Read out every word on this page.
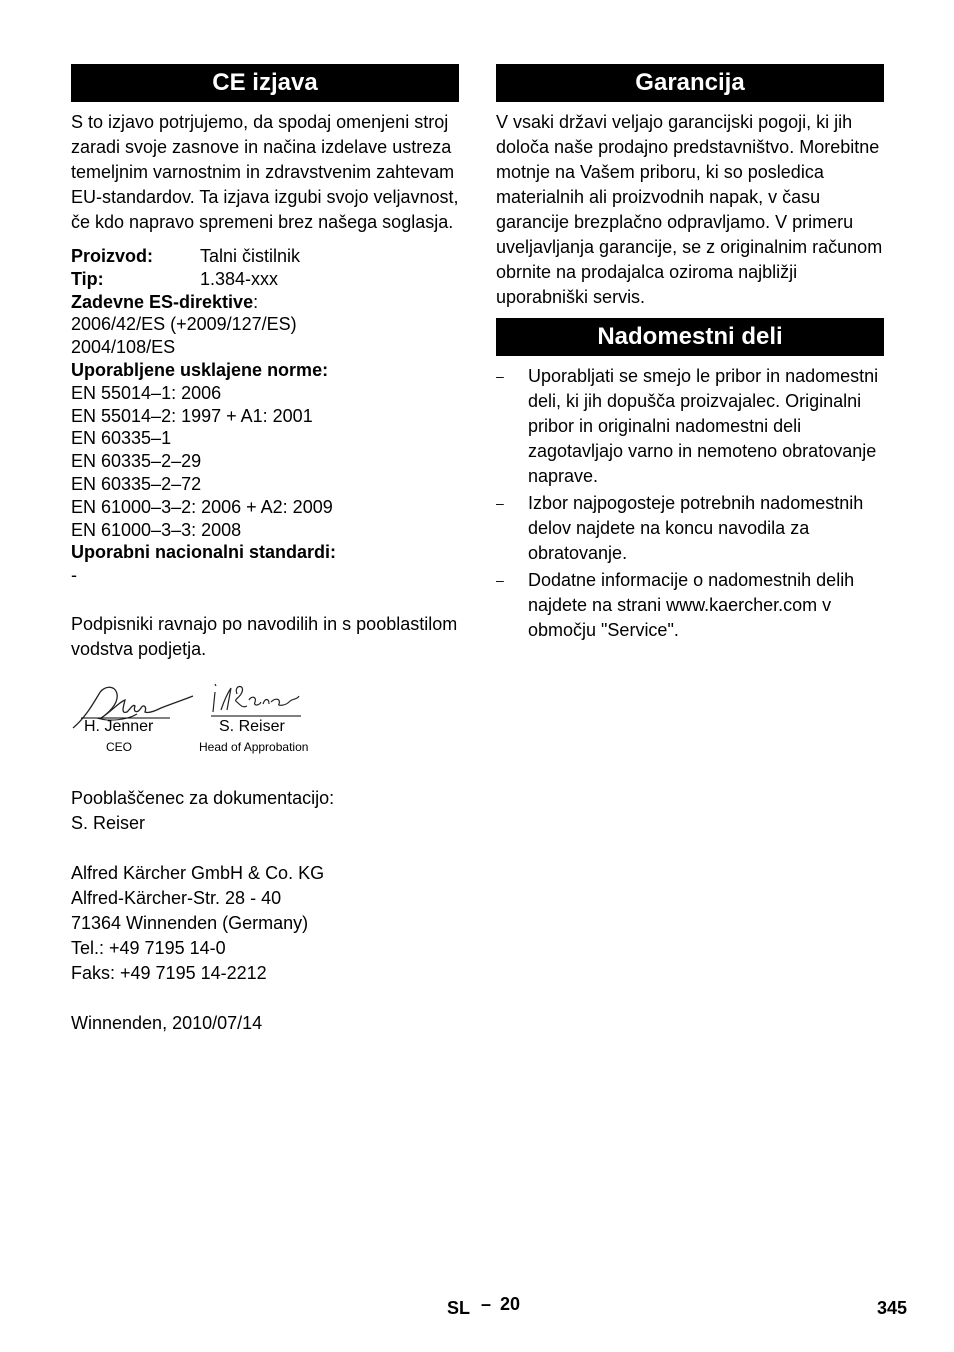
CE izjava

S to izjavo potrjujemo, da spodaj omenjeni stroj zaradi svoje zasnove in načina izdelave ustreza temeljnim varnostnim in zdravstvenim zahtevam EU-standardov. Ta izjava izgubi svojo veljavnost, če kdo napravo spremeni brez našega soglasja.

Proizvod:	Talni čistilnik
Tip:	1.384-xxx
Zadevne ES-direktive:
2006/42/ES (+2009/127/ES)
2004/108/ES
Uporabljene usklajene norme:
EN 55014–1: 2006
EN 55014–2: 1997 + A1: 2001
EN 60335–1
EN 60335–2–29
EN 60335–2–72
EN 61000–3–2: 2006 + A2: 2009
EN 61000–3–3: 2008
Uporabni nacionalni standardi:
-

Podpisniki ravnajo po navodilih in s pooblastilom vodstva podjetja.

H. Jenner
CEO
S. Reiser
Head of Approbation
Pooblaščenec za dokumentacijo:
S. Reiser
Alfred Kärcher GmbH & Co. KG
Alfred-Kärcher-Str. 28 - 40
71364 Winnenden (Germany)
Tel.: +49 7195 14-0
Faks: +49 7195 14-2212
Winnenden, 2010/07/14
Garancija

V vsaki državi veljajo garancijski pogoji, ki jih določa naše prodajno predstavništvo. Morebitne motnje na Vašem priboru, ki so posledica materialnih ali proizvodnih napak, v času garancije brezplačno odpravljamo. V primeru uveljavljanja garancije, se z originalnim računom obrnite na prodajalca oziroma najbližji uporabniški servis.

Nadomestni deli
– Uporabljati se smejo le pribor in nadomestni deli, ki jih dopušča proizvajalec. Originalni pribor in originalni nadomestni deli zagotavljajo varno in nemoteno obratovanje naprave.
– Izbor najpogosteje potrebnih nadomestnih delov najdete na koncu navodila za obratovanje.
– Dodatne informacije o nadomestnih delih najdete na strani www.kaercher.com v območju "Service".
SL – 20	345
